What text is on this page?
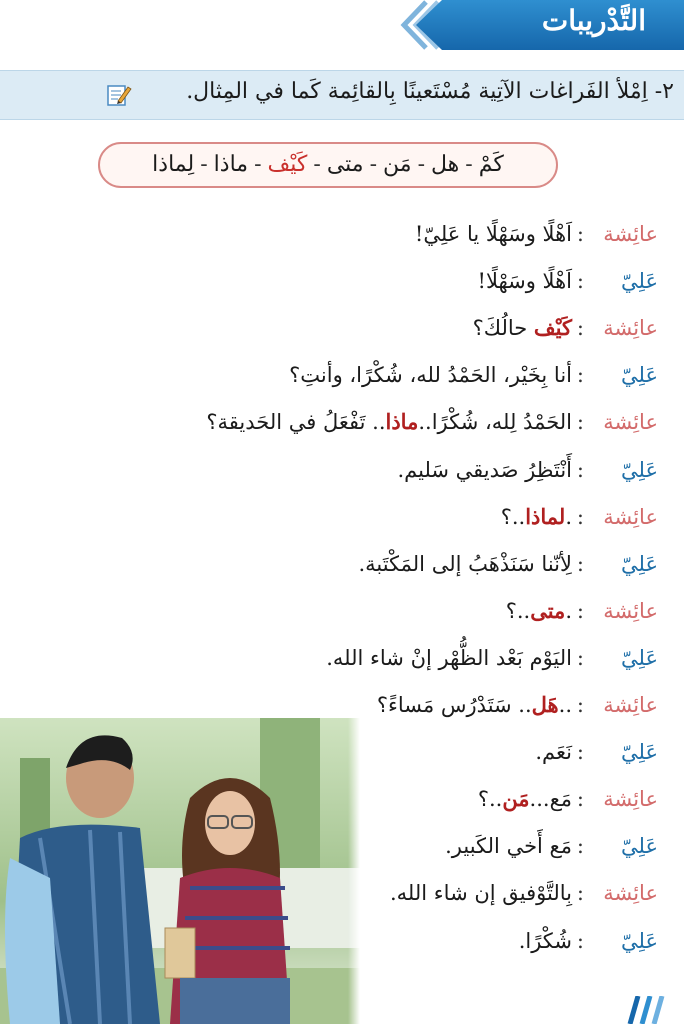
التَّدْريبات
٢- اِمْلأ الفَراغات الآتِية مُسْتَعينًا بِالقائِمة كَما في المِثال.
كَمْ-هل-مَن-متى-كَيْف-ماذا-لِماذا
عائِشة
:
اَهْلًا وسَهْلًا يا عَلِيّ!
عَلِيّ
:
اَهْلًا وسَهْلًا!
عائِشة
:
كَيْف حالُكَ؟
عَلِيّ
:
أنا بِخَيْر، الحَمْدُ لله، شُكْرًا، وأنتِ؟
عائِشة
:
الحَمْدُ لِله، شُكْرًا..ماذا.. تَفْعَلُ في الحَديقة؟
عَلِيّ
:
أَنْتَظِرُ صَديقي سَليم.
عائِشة
:
.لماذا..؟
عَلِيّ
:
لِأنّنا سَنَذْهَبُ إلى المَكْتَبة.
عائِشة
:
.متى..؟
عَلِيّ
:
اليَوْم بَعْد الظُّهْر إنْ شاء الله.
عائِشة
:
..هَل.. سَتَدْرُس مَساءً؟
عَلِيّ
:
نَعَم.
عائِشة
:
مَع...مَن..؟
عَلِيّ
:
مَع أَخي الكَبير.
عائِشة
:
بِالتَّوْفيق إن شاء الله.
عَلِيّ
:
شُكْرًا.
